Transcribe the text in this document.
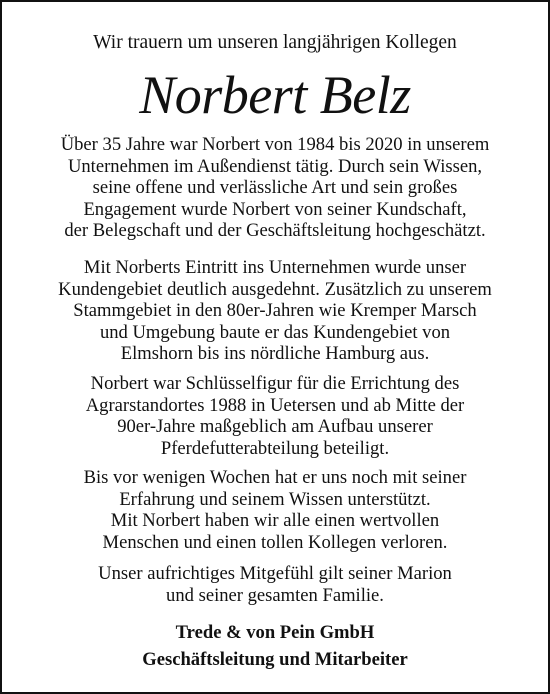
Wir trauern um unseren langjährigen Kollegen

Norbert Belz

Über 35 Jahre war Norbert von 1984 bis 2020 in unserem
Unternehmen im Außendienst tätig. Durch sein Wissen,
seine offene und verlässliche Art und sein großes
Engagement wurde Norbert von seiner Kundschaft,
der Belegschaft und der Geschäftsleitung hochgeschätzt.

Mit Norberts Eintritt ins Unternehmen wurde unser
Kundengebiet deutlich ausgedehnt. Zusätzlich zu unserem
Stammgebiet in den 80er-Jahren wie Kremper Marsch
und Umgebung baute er das Kundengebiet von
Elmshorn bis ins nördliche Hamburg aus.

Norbert war Schlüsselfigur für die Errichtung des
Agrarstandortes 1988 in Uetersen und ab Mitte der
90er-Jahre maßgeblich am Aufbau unserer
Pferdefutterabteilung beteiligt.

Bis vor wenigen Wochen hat er uns noch mit seiner
Erfahrung und seinem Wissen unterstützt.
Mit Norbert haben wir alle einen wertvollen
Menschen und einen tollen Kollegen verloren.

Unser aufrichtiges Mitgefühl gilt seiner Marion
und seiner gesamten Familie.

Trede & von Pein GmbH

Geschäftsleitung und Mitarbeiter
